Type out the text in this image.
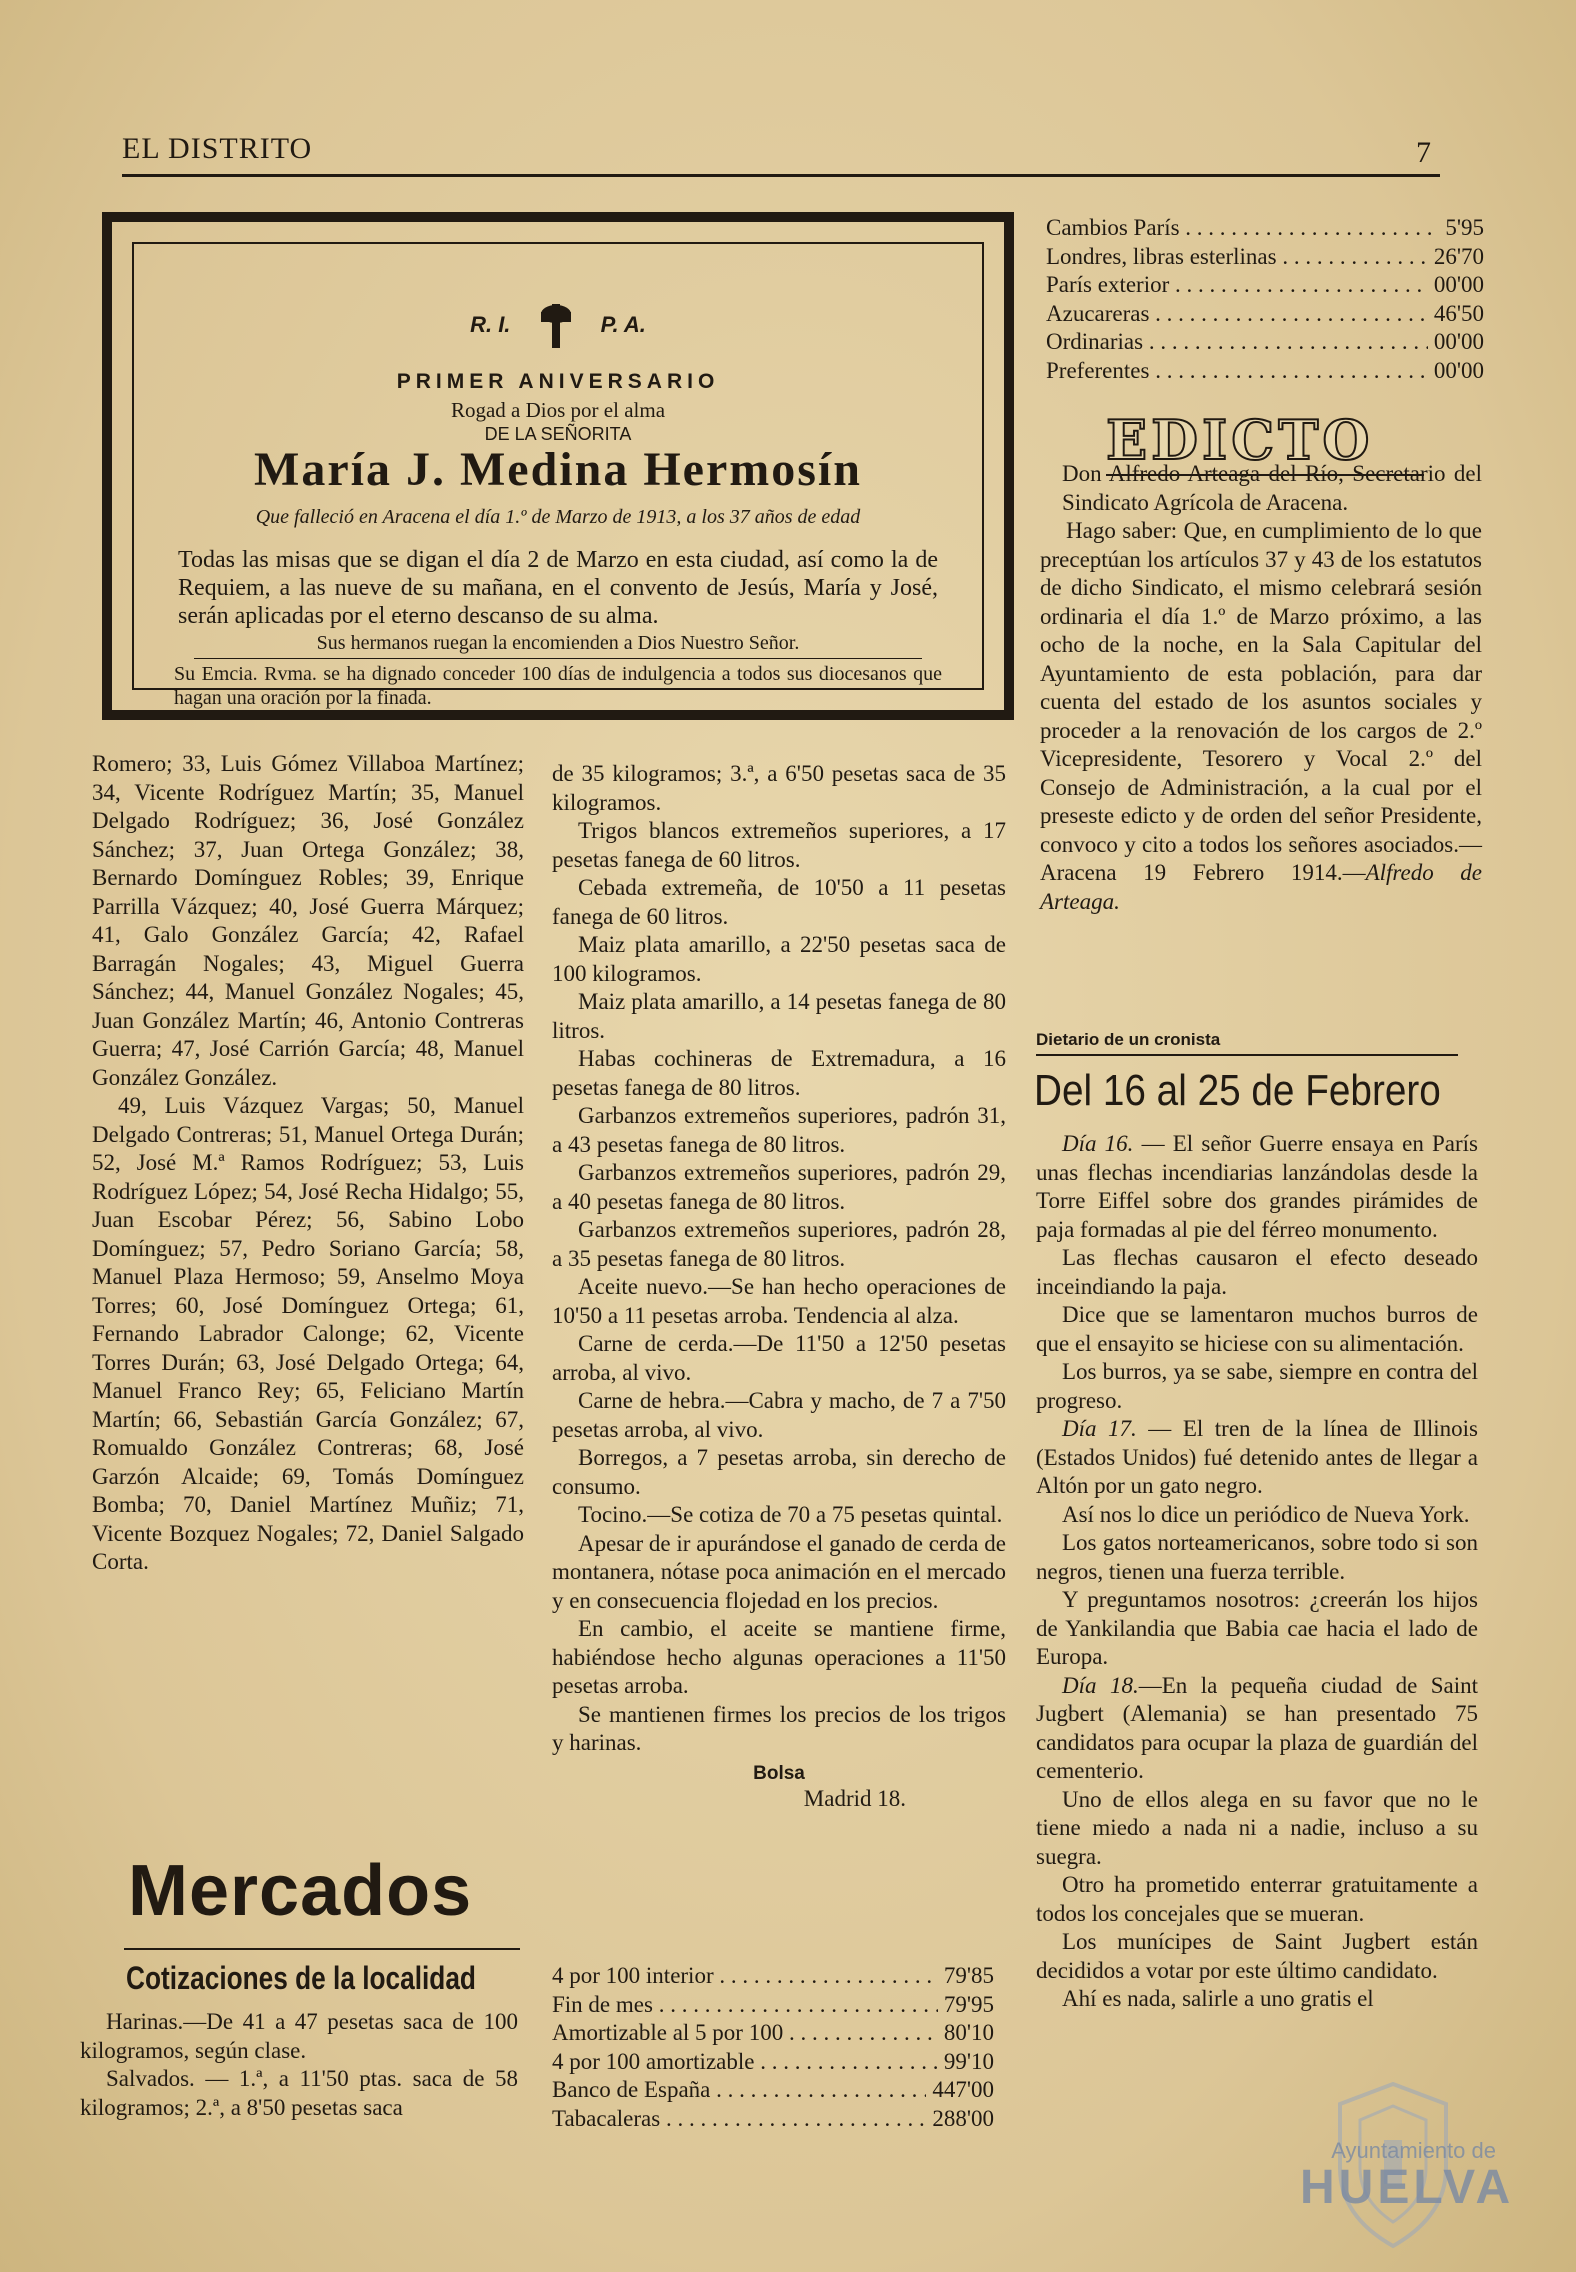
EL DISTRITO	7
R. I.	P. A.
PRIMER ANIVERSARIO
Rogad a Dios por el alma
DE LA SEÑORITA
María J. Medina Hermosín
Que falleció en Aracena el día 1.º de Marzo de 1913, a los 37 años de edad
Todas las misas que se digan el día 2 de Marzo en esta ciudad, así como la de Requiem, a las nueve de su mañana, en el convento de Jesús, María y José, serán aplicadas por el eterno descanso de su alma.
Sus hermanos ruegan la encomienden a Dios Nuestro Señor.
Su Emcia. Rvma. se ha dignado conceder 100 días de indulgencia a todos sus diocesanos que hagan una oración por la finada.

Romero; 33, Luis Gómez Villaboa Martínez; 34, Vicente Rodríguez Martín; 35, Manuel Delgado Rodríguez; 36, José González Sánchez; 37, Juan Ortega González; 38, Bernardo Domínguez Robles; 39, Enrique Parrilla Vázquez; 40, José Guerra Márquez; 41, Galo González García; 42, Rafael Barragán Nogales; 43, Miguel Guerra Sánchez; 44, Manuel González Nogales; 45, Juan González Martín; 46, Antonio Contreras Guerra; 47, José Carrión García; 48, Manuel González González.

49, Luis Vázquez Vargas; 50, Manuel Delgado Contreras; 51, Manuel Ortega Durán; 52, José M.ª Ramos Rodríguez; 53, Luis Rodríguez López; 54, José Recha Hidalgo; 55, Juan Escobar Pérez; 56, Sabino Lobo Domínguez; 57, Pedro Soriano García; 58, Manuel Plaza Hermoso; 59, Anselmo Moya Torres; 60, José Domínguez Ortega; 61, Fernando Labrador Calonge; 62, Vicente Torres Durán; 63, José Delgado Ortega; 64, Manuel Franco Rey; 65, Feliciano Martín Martín; 66, Sebastián García González; 67, Romualdo González Contreras; 68, José Garzón Alcaide; 69, Tomás Domínguez Bomba; 70, Daniel Martínez Muñiz; 71, Vicente Bozquez Nogales; 72, Daniel Salgado Corta.

Mercados
Cotizaciones de la localidad

Harinas.—De 41 a 47 pesetas saca de 100 kilogramos, según clase.

Salvados. — 1.ª, a 11'50 ptas. saca de 58 kilogramos; 2.ª, a 8'50 pesetas saca

de 35 kilogramos; 3.ª, a 6'50 pesetas saca de 35 kilogramos.

Trigos blancos extremeños superiores, a 17 pesetas fanega de 60 litros.

Cebada extremeña, de 10'50 a 11 pesetas fanega de 60 litros.

Maiz plata amarillo, a 22'50 pesetas saca de 100 kilogramos.

Maiz plata amarillo, a 14 pesetas fanega de 80 litros.

Habas cochineras de Extremadura, a 16 pesetas fanega de 80 litros.

Garbanzos extremeños superiores, padrón 31, a 43 pesetas fanega de 80 litros.

Garbanzos extremeños superiores, padrón 29, a 40 pesetas fanega de 80 litros.

Garbanzos extremeños superiores, padrón 28, a 35 pesetas fanega de 80 litros.

Aceite nuevo.—Se han hecho operaciones de 10'50 a 11 pesetas arroba. Tendencia al alza.

Carne de cerda.—De 11'50 a 12'50 pesetas arroba, al vivo.

Carne de hebra.—Cabra y macho, de 7 a 7'50 pesetas arroba, al vivo.

Borregos, a 7 pesetas arroba, sin derecho de consumo.

Tocino.—Se cotiza de 70 a 75 pesetas quintal.

Apesar de ir apurándose el ganado de cerda de montanera, nótase poca animación en el mercado y en consecuencia flojedad en los precios.

En cambio, el aceite se mantiene firme, habiéndose hecho algunas operaciones a 11'50 pesetas arroba.

Se mantienen firmes los precios de los trigos y harinas.

Bolsa
Madrid 18.
4 por 100 interior . . .	79'85
Fin de mes . . .	79'95
Amortizable al 5 por 100 . . .	80'10
4 por 100 amortizable . . .	99'10
Banco de España . . .	447'00
Tabacaleras . . .	288'00
Cambios París . . .	5'95
Londres, libras esterlinas . . .	26'70
París exterior . . .	00'00
Azucareras . . .	46'50
Ordinarias . . .	00'00
Preferentes . . .	00'00
EDICTO

Don Alfredo Arteaga del Río, Secretario del Sindicato Agrícola de Aracena.

Hago saber: Que, en cumplimiento de lo que preceptúan los artículos 37 y 43 de los estatutos de dicho Sindicato, el mismo celebrará sesión ordinaria el día 1.º de Marzo próximo, a las ocho de la noche, en la Sala Capitular del Ayuntamiento de esta población, para dar cuenta del estado de los asuntos sociales y proceder a la renovación de los cargos de 2.º Vicepresidente, Tesorero y Vocal 2.º del Consejo de Administración, a la cual por el preseste edicto y de orden del señor Presidente, convoco y cito a todos los señores asociados.—Aracena 19 Febrero 1914.—Alfredo de Arteaga.

Dietario de un cronista
Del 16 al 25 de Febrero

Día 16. — El señor Guerre ensaya en París unas flechas incendiarias lanzándolas desde la Torre Eiffel sobre dos grandes pirámides de paja formadas al pie del férreo monumento.

Las flechas causaron el efecto deseado inceindiando la paja.

Dice que se lamentaron muchos burros de que el ensayito se hiciese con su alimentación.

Los burros, ya se sabe, siempre en contra del progreso.

Día 17. — El tren de la línea de Illinois (Estados Unidos) fué detenido antes de llegar a Altón por un gato negro.

Así nos lo dice un periódico de Nueva York.

Los gatos norteamericanos, sobre todo si son negros, tienen una fuerza terrible.

Y preguntamos nosotros: ¿creerán los hijos de Yankilandia que Babia cae hacia el lado de Europa.

Día 18.—En la pequeña ciudad de Saint Jugbert (Alemania) se han presentado 75 candidatos para ocupar la plaza de guardián del cementerio.

Uno de ellos alega en su favor que no le tiene miedo a nada ni a nadie, incluso a su suegra.

Otro ha prometido enterrar gratuitamente a todos los concejales que se mueran.

Los munícipes de Saint Jugbert están decididos a votar por este último candidato.

Ahí es nada, salirle a uno gratis el

Ayuntamiento de
HUELVA
